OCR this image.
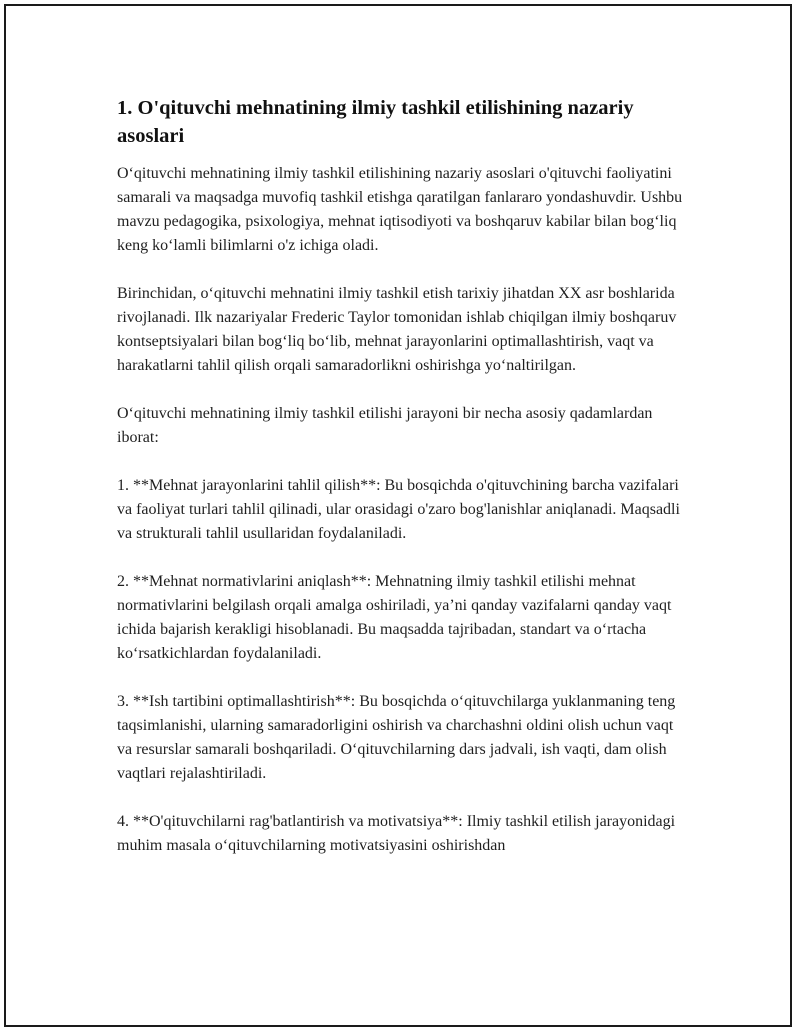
1. O'qituvchi mehnatining ilmiy tashkil etilishining nazariy asoslari

O‘qituvchi mehnatining ilmiy tashkil etilishining nazariy asoslari o'qituvchi faoliyatini samarali va maqsadga muvofiq tashkil etishga qaratilgan fanlararo yondashuvdir. Ushbu mavzu pedagogika, psixologiya, mehnat iqtisodiyoti va boshqaruv kabilar bilan bog‘liq keng ko‘lamli bilimlarni o'z ichiga oladi.

Birinchidan, o‘qituvchi mehnatini ilmiy tashkil etish tarixiy jihatdan XX asr boshlarida rivojlanadi. Ilk nazariyalar Frederic Taylor tomonidan ishlab chiqilgan ilmiy boshqaruv kontseptsiyalari bilan bog‘liq bo‘lib, mehnat jarayonlarini optimallashtirish, vaqt va harakatlarni tahlil qilish orqali samaradorlikni oshirishga yo‘naltirilgan.

O‘qituvchi mehnatining ilmiy tashkil etilishi jarayoni bir necha asosiy qadamlardan iborat:

1. **Mehnat jarayonlarini tahlil qilish**: Bu bosqichda o'qituvchining barcha vazifalari va faoliyat turlari tahlil qilinadi, ular orasidagi o'zaro bog'lanishlar aniqlanadi. Maqsadli va strukturali tahlil usullaridan foydalaniladi.

2. **Mehnat normativlarini aniqlash**: Mehnatning ilmiy tashkil etilishi mehnat normativlarini belgilash orqali amalga oshiriladi, ya’ni qanday vazifalarni qanday vaqt ichida bajarish kerakligi hisoblanadi. Bu maqsadda tajribadan, standart va o‘rtacha ko‘rsatkichlardan foydalaniladi.

3. **Ish tartibini optimallashtirish**: Bu bosqichda o‘qituvchilarga yuklanmaning teng taqsimlanishi, ularning samaradorligini oshirish va charchashni oldini olish uchun vaqt va resurslar samarali boshqariladi. O‘qituvchilarning dars jadvali, ish vaqti, dam olish vaqtlari rejalashtiriladi.

4. **O'qituvchilarni rag'batlantirish va motivatsiya**: Ilmiy tashkil etilish jarayonidagi muhim masala o‘qituvchilarning motivatsiyasini oshirishdan
